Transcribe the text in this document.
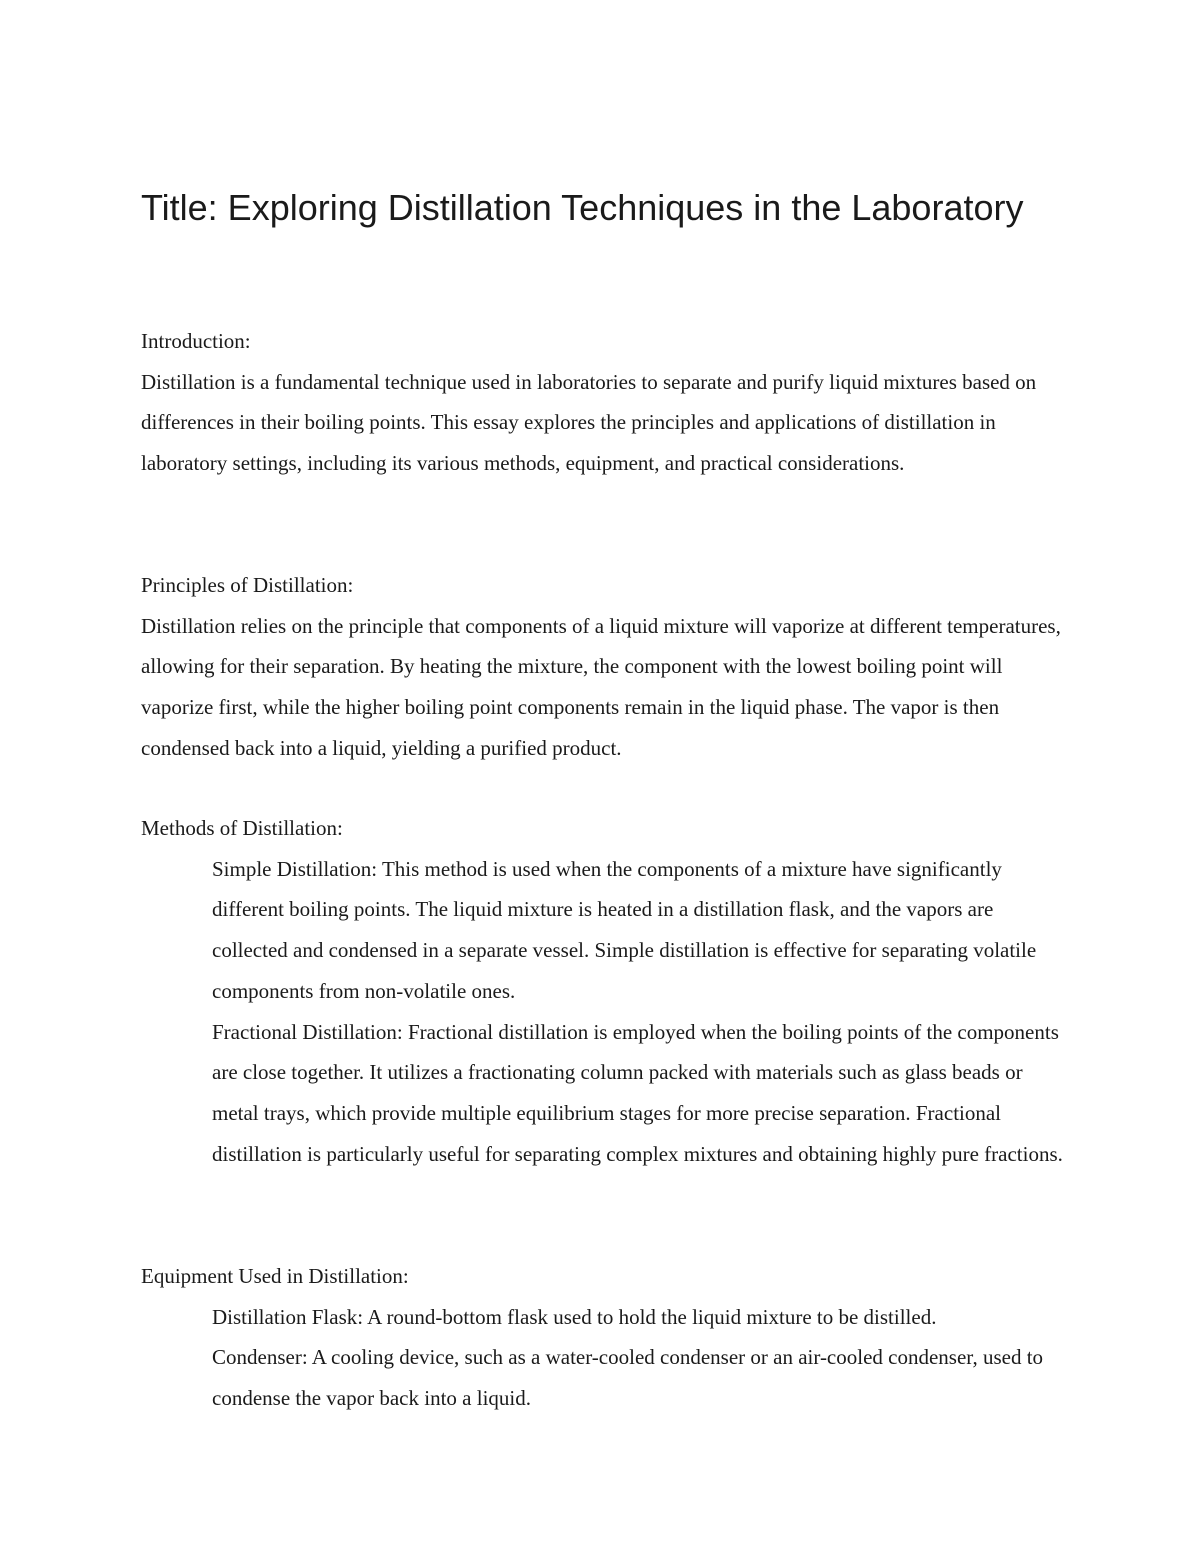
Title: Exploring Distillation Techniques in the Laboratory

Introduction:

Distillation is a fundamental technique used in laboratories to separate and purify liquid mixtures based on differences in their boiling points. This essay explores the principles and applications of distillation in laboratory settings, including its various methods, equipment, and practical considerations.

Principles of Distillation:

Distillation relies on the principle that components of a liquid mixture will vaporize at different temperatures, allowing for their separation. By heating the mixture, the component with the lowest boiling point will vaporize first, while the higher boiling point components remain in the liquid phase. The vapor is then condensed back into a liquid, yielding a purified product.

Methods of Distillation:

Simple Distillation: This method is used when the components of a mixture have significantly different boiling points. The liquid mixture is heated in a distillation flask, and the vapors are collected and condensed in a separate vessel. Simple distillation is effective for separating volatile components from non-volatile ones.

Fractional Distillation: Fractional distillation is employed when the boiling points of the components are close together. It utilizes a fractionating column packed with materials such as glass beads or metal trays, which provide multiple equilibrium stages for more precise separation. Fractional distillation is particularly useful for separating complex mixtures and obtaining highly pure fractions.

Equipment Used in Distillation:

Distillation Flask: A round-bottom flask used to hold the liquid mixture to be distilled.

Condenser: A cooling device, such as a water-cooled condenser or an air-cooled condenser, used to condense the vapor back into a liquid.
